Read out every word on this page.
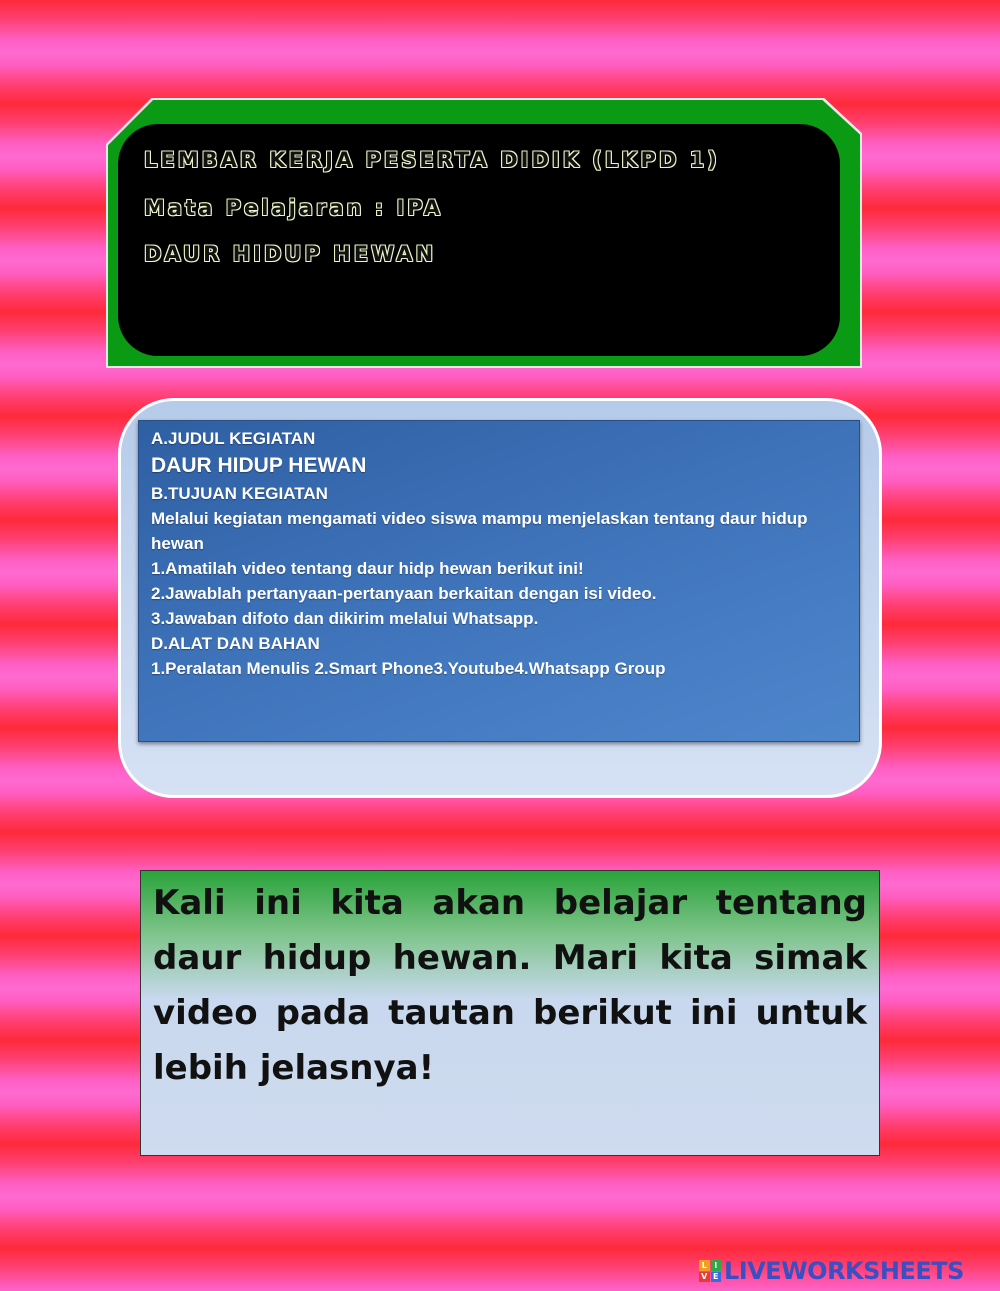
LEMBAR KERJA PESERTA DIDIK (LKPD 1)

Mata Pelajaran : IPA

DAUR HIDUP HEWAN

A.JUDUL KEGIATAN

DAUR HIDUP HEWAN

B.TUJUAN KEGIATAN

Melalui kegiatan mengamati video siswa mampu menjelaskan tentang daur hidup hewan

1.Amatilah video tentang daur hidp hewan berikut ini!

2.Jawablah pertanyaan-pertanyaan berkaitan dengan isi video.

3.Jawaban difoto dan dikirim melalui Whatsapp.

D.ALAT DAN BAHAN

1.Peralatan Menulis 2.Smart Phone3.Youtube4.Whatsapp Group

Kali ini kita akan belajar tentang daur hidup hewan. Mari kita simak video pada tautan berikut ini untuk lebih jelasnya!

L I
V E LIVEWORKSHEETS
